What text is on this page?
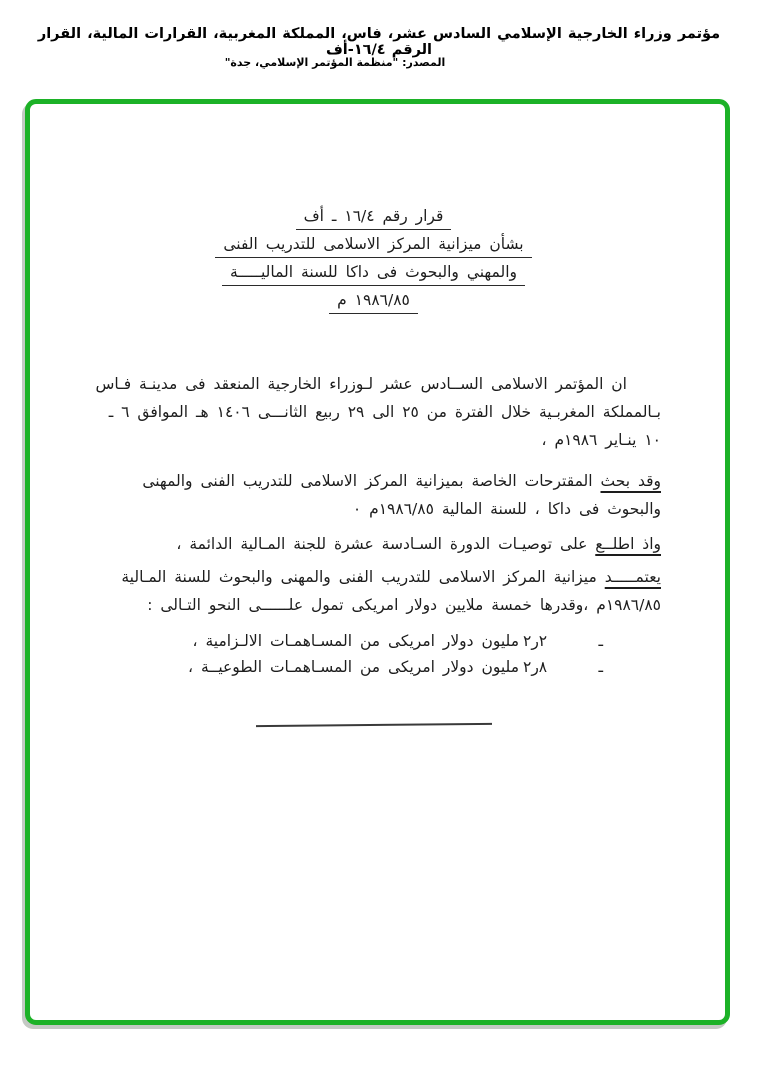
مؤتمر وزراء الخارجية الإسلامي السادس عشر، فاس، المملكة المغربية، القرارات المالية، القرار الرقم ١٦/٤-أف
المصدر: "منظمة المؤتمر الإسلامي، جدة"
قرار رقم ١٦/٤ ـ أف
بشأن ميزانية المركز الاسلامى للتدريب الفنى
والمهني والبحوث فى داكا للسنة الماليـــــة
١٩٨٦/٨٥ م

ان المؤتمر الاسلامى الســادس عشر لـوزراء الخارجية المنعقد فى مدينـة فـاس بـالمملكة المغربـية خلال الفترة من ٢٥ الى ٢٩ ربيع الثانـــى ١٤٠٦ هـ الموافق ٦ ـ ١٠ ينـاير ١٩٨٦م ،

وقد بحث المقترحات الخاصة بميزانية المركز الاسلامى للتدريب الفنى والمهنى والبحوث فى داكا ، للسنة المالية ١٩٨٦/٨٥م ٠

واذ اطلــع على توصيـات الدورة السـادسة عشرة للجنة المـالية الدائمة ،

يعتمـــــد ميزانية المركز الاسلامى للتدريب الفنى والمهنى والبحوث للسنة المـالية ١٩٨٦/٨٥م ،وقدرها خمسة ملايين دولار امريكى تمول علــــــى النحو التـالى :

ـ
٢ر٢
مليون دولار امريكى من المسـاهمـات الالـزامية ،
ـ
٢ر٨
مليون دولار امريكى من المسـاهمـات الطوعيــة ،
